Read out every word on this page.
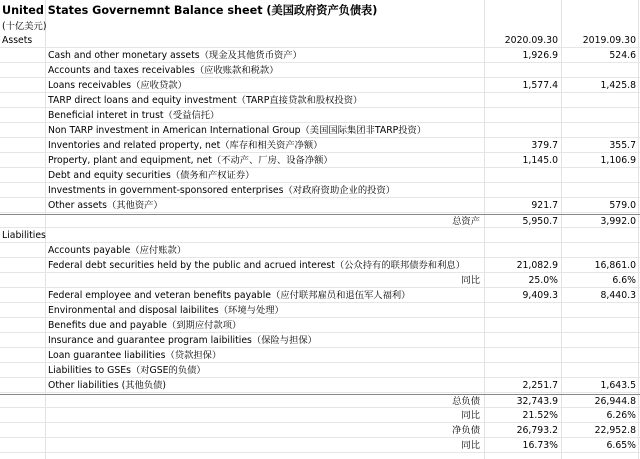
United States Governemnt Balance sheet (美国政府资产负债表)
(十亿美元)
Assets	2020.09.30	2019.09.30
Cash and other monetary assets（现金及其他货币资产）	1,926.9	524.6
Accounts and taxes receivables（应收账款和税款）
Loans receivables（应收贷款）	1,577.4	1,425.8
TARP direct loans and equity investment（TARP直接贷款和股权投资）
Beneficial interet in trust（受益信托）
Non TARP investment in American International Group（美国国际集团非TARP投资）
Inventories and related property, net（库存和相关资产净额）	379.7	355.7
Property, plant and equipment, net（不动产、厂房、设备净额）	1,145.0	1,106.9
Debt and equity securities（债务和产权证券）
Investments in government-sponsored enterprises（对政府资助企业的投资）
Other assets（其他资产）	921.7	579.0
总资产	5,950.7	3,992.0
Liabilities
Accounts payable（应付账款）
Federal debt securities held by the public and acrued interest（公众持有的联邦债券和利息）	21,082.9	16,861.0
同比	25.0%	6.6%
Federal employee and veteran benefits payable（应付联邦雇员和退伍军人福利）	9,409.3	8,440.3
Environmental and disposal laibilites（环境与处理）
Benefits due and payable（到期应付款项）
Insurance and guarantee program laibilities（保险与担保）
Loan guarantee liabilities（贷款担保）
Liabilities to GSEs（对GSE的负债）
Other liabilities (其他负债)	2,251.7	1,643.5
总负债	32,743.9	26,944.8
同比	21.52%	6.26%
净负债	26,793.2	22,952.8
同比	16.73%	6.65%
